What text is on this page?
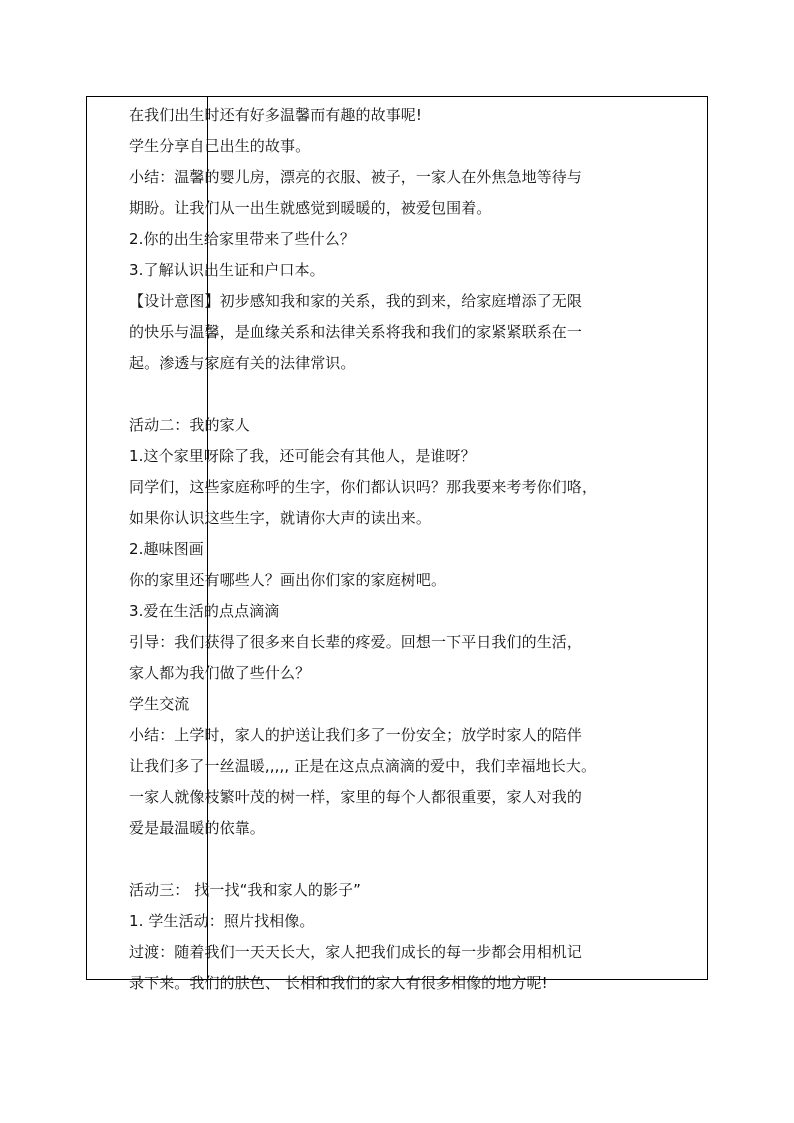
在我们出生时还有好多温馨而有趣的故事呢!
学生分享自己出生的故事。
小结：温馨的婴儿房，漂亮的衣服、被子，一家人在外焦急地等待与
期盼。让我们从一出生就感觉到暖暖的，被爱包围着。
2.你的出生给家里带来了些什么？
3.了解认识出生证和户口本。
【设计意图】初步感知我和家的关系，我的到来，给家庭增添了无限
的快乐与温馨，是血缘关系和法律关系将我和我们的家紧紧联系在一
起。渗透与家庭有关的法律常识。
活动二：我的家人
1.这个家里呀除了我，还可能会有其他人，是谁呀？
同学们，这些家庭称呼的生字，你们都认识吗？那我要来考考你们咯，
如果你认识这些生字，就请你大声的读出来。
2.趣味图画
你的家里还有哪些人？画出你们家的家庭树吧。
3.爱在生活的点点滴滴
引导：我们获得了很多来自长辈的疼爱。回想一下平日我们的生活，
家人都为我们做了些什么？
学生交流
小结：上学时，家人的护送让我们多了一份安全；放学时家人的陪伴
让我们多了一丝温暖,,,,, 正是在这点点滴滴的爱中，我们幸福地长大。
一家人就像枝繁叶茂的树一样，家里的每个人都很重要，家人对我的
爱是最温暖的依靠。
活动三： 找一找“我和家人的影子”
1. 学生活动：照片找相像。
过渡：随着我们一天天长大，家人把我们成长的每一步都会用相机记
录下来。我们的肤色、 长相和我们的家人有很多相像的地方呢!
